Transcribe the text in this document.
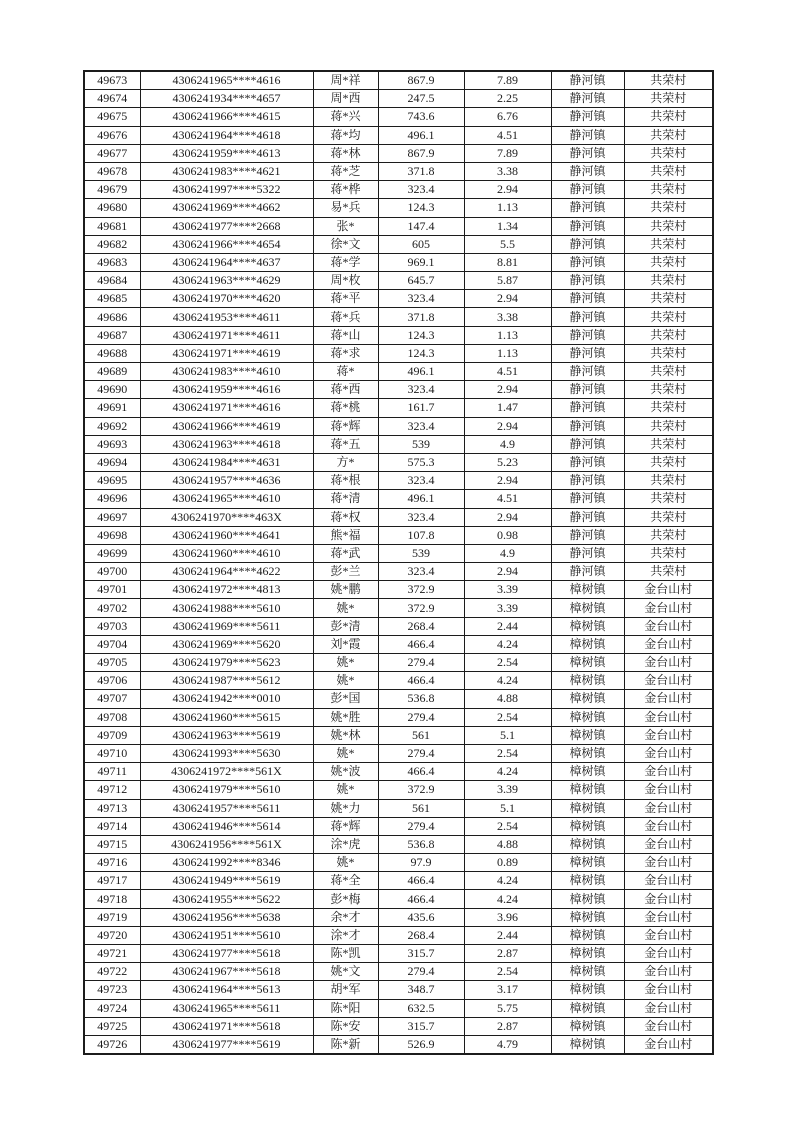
49673	4306241965****4616	周*祥	867.9	7.89	静河镇	共荣村
49674	4306241934****4657	周*西	247.5	2.25	静河镇	共荣村
49675	4306241966****4615	蒋*兴	743.6	6.76	静河镇	共荣村
49676	4306241964****4618	蒋*均	496.1	4.51	静河镇	共荣村
49677	4306241959****4613	蒋*林	867.9	7.89	静河镇	共荣村
49678	4306241983****4621	蒋*芝	371.8	3.38	静河镇	共荣村
49679	4306241997****5322	蒋*桦	323.4	2.94	静河镇	共荣村
49680	4306241969****4662	易*兵	124.3	1.13	静河镇	共荣村
49681	4306241977****2668	张*	147.4	1.34	静河镇	共荣村
49682	4306241966****4654	徐*文	605	5.5	静河镇	共荣村
49683	4306241964****4637	蒋*学	969.1	8.81	静河镇	共荣村
49684	4306241963****4629	周*枚	645.7	5.87	静河镇	共荣村
49685	4306241970****4620	蒋*平	323.4	2.94	静河镇	共荣村
49686	4306241953****4611	蒋*兵	371.8	3.38	静河镇	共荣村
49687	4306241971****4611	蒋*山	124.3	1.13	静河镇	共荣村
49688	4306241971****4619	蒋*求	124.3	1.13	静河镇	共荣村
49689	4306241983****4610	蒋*	496.1	4.51	静河镇	共荣村
49690	4306241959****4616	蒋*西	323.4	2.94	静河镇	共荣村
49691	4306241971****4616	蒋*桃	161.7	1.47	静河镇	共荣村
49692	4306241966****4619	蒋*辉	323.4	2.94	静河镇	共荣村
49693	4306241963****4618	蒋*五	539	4.9	静河镇	共荣村
49694	4306241984****4631	方*	575.3	5.23	静河镇	共荣村
49695	4306241957****4636	蒋*根	323.4	2.94	静河镇	共荣村
49696	4306241965****4610	蒋*清	496.1	4.51	静河镇	共荣村
49697	4306241970****463X	蒋*权	323.4	2.94	静河镇	共荣村
49698	4306241960****4641	熊*福	107.8	0.98	静河镇	共荣村
49699	4306241960****4610	蒋*武	539	4.9	静河镇	共荣村
49700	4306241964****4622	彭*兰	323.4	2.94	静河镇	共荣村
49701	4306241972****4813	姚*鹏	372.9	3.39	樟树镇	金台山村
49702	4306241988****5610	姚*	372.9	3.39	樟树镇	金台山村
49703	4306241969****5611	彭*清	268.4	2.44	樟树镇	金台山村
49704	4306241969****5620	刘*霞	466.4	4.24	樟树镇	金台山村
49705	4306241979****5623	姚*	279.4	2.54	樟树镇	金台山村
49706	4306241987****5612	姚*	466.4	4.24	樟树镇	金台山村
49707	4306241942****0010	彭*国	536.8	4.88	樟树镇	金台山村
49708	4306241960****5615	姚*胜	279.4	2.54	樟树镇	金台山村
49709	4306241963****5619	姚*林	561	5.1	樟树镇	金台山村
49710	4306241993****5630	姚*	279.4	2.54	樟树镇	金台山村
49711	4306241972****561X	姚*波	466.4	4.24	樟树镇	金台山村
49712	4306241979****5610	姚*	372.9	3.39	樟树镇	金台山村
49713	4306241957****5611	姚*力	561	5.1	樟树镇	金台山村
49714	4306241946****5614	蒋*辉	279.4	2.54	樟树镇	金台山村
49715	4306241956****561X	涂*虎	536.8	4.88	樟树镇	金台山村
49716	4306241992****8346	姚*	97.9	0.89	樟树镇	金台山村
49717	4306241949****5619	蒋*全	466.4	4.24	樟树镇	金台山村
49718	4306241955****5622	彭*梅	466.4	4.24	樟树镇	金台山村
49719	4306241956****5638	余*才	435.6	3.96	樟树镇	金台山村
49720	4306241951****5610	涂*才	268.4	2.44	樟树镇	金台山村
49721	4306241977****5618	陈*凯	315.7	2.87	樟树镇	金台山村
49722	4306241967****5618	姚*文	279.4	2.54	樟树镇	金台山村
49723	4306241964****5613	胡*军	348.7	3.17	樟树镇	金台山村
49724	4306241965****5611	陈*阳	632.5	5.75	樟树镇	金台山村
49725	4306241971****5618	陈*安	315.7	2.87	樟树镇	金台山村
49726	4306241977****5619	陈*新	526.9	4.79	樟树镇	金台山村
